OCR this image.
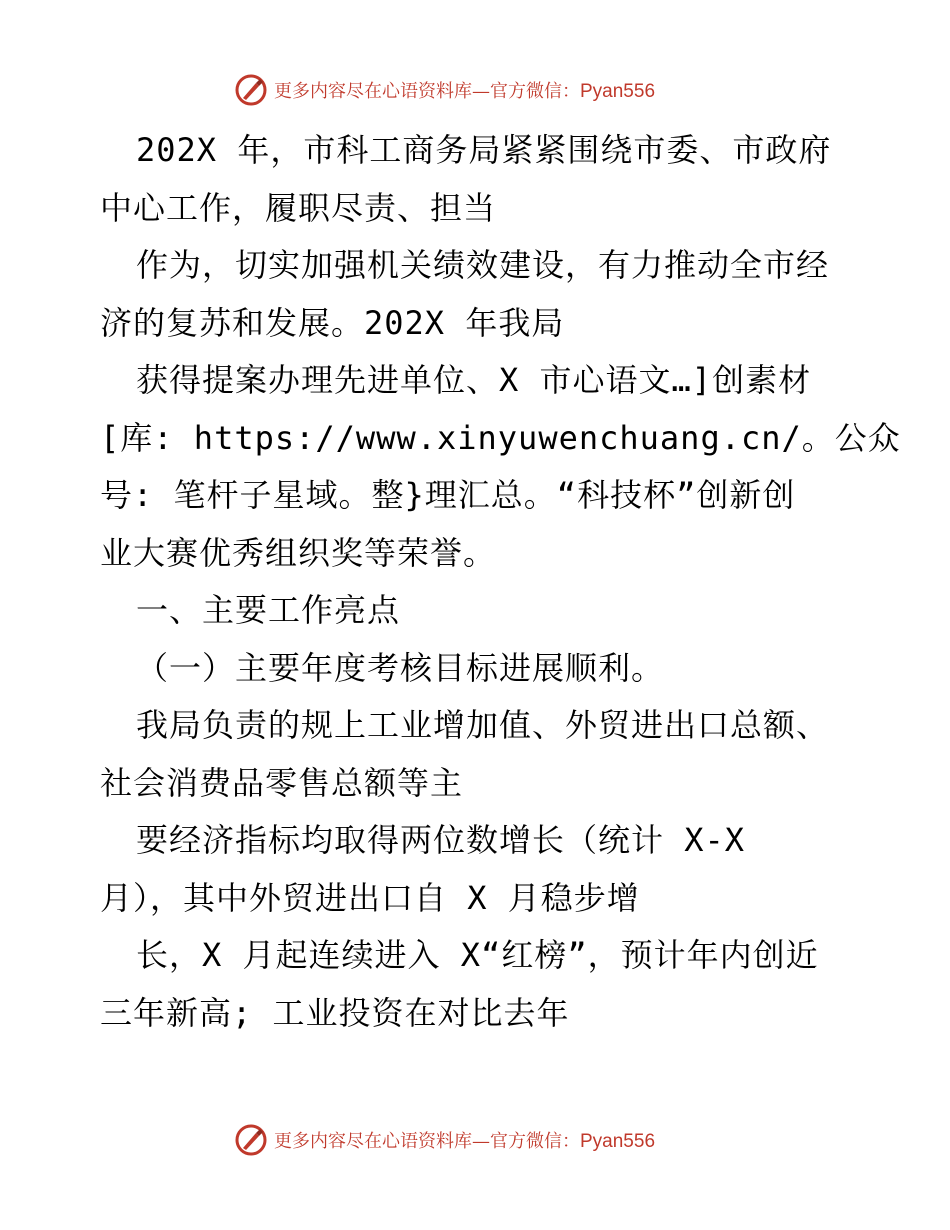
更多内容尽在心语资料库—官方微信：Pyan556
202X 年，市科工商务局紧紧围绕市委、市政府
中心工作，履职尽责、担当
作为，切实加强机关绩效建设，有力推动全市经
济的复苏和发展。202X 年我局
获得提案办理先进单位、X 市心语文…]创素材
[库: https://www.xinyuwenchuang.cn/。公众
号: 笔杆子星域。整}理汇总。“科技杯”创新创
业大赛优秀组织奖等荣誉。
一、主要工作亮点
（一）主要年度考核目标进展顺利。
我局负责的规上工业增加值、外贸进出口总额、
社会消费品零售总额等主
要经济指标均取得两位数增长（统计 X-X
月），其中外贸进出口自 X 月稳步增
长，X 月起连续进入 X“红榜”，预计年内创近
三年新高; 工业投资在对比去年
更多内容尽在心语资料库—官方微信：Pyan556
